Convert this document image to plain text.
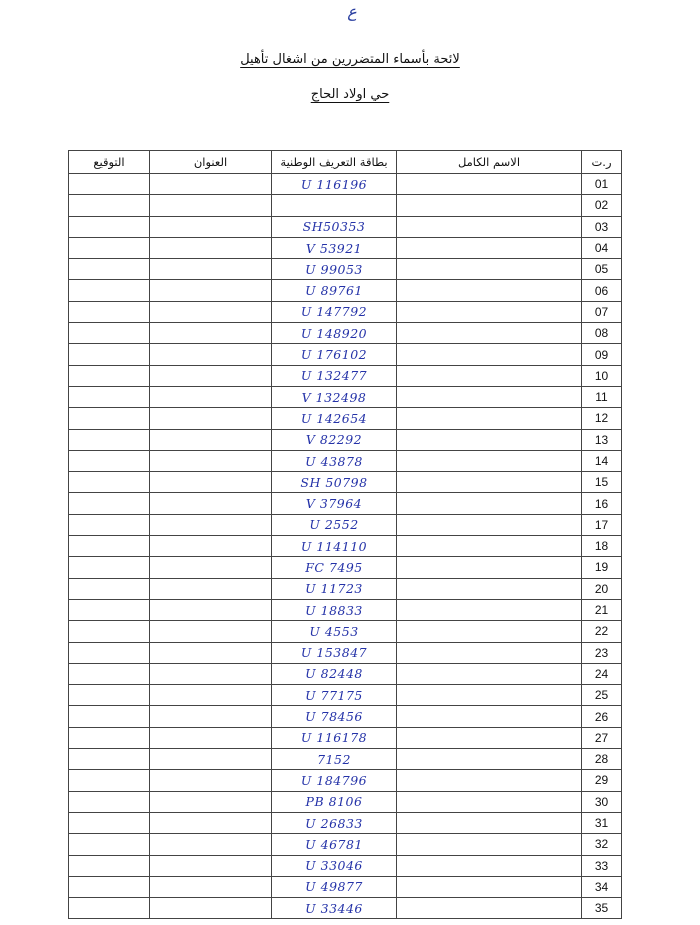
ع
لائحة بأسماء المتضررين من اشغال تأهيل
حي اولاد الحاج
ر.ت	الاسم الكامل	بطاقة التعريف الوطنية	العنوان	التوقيع
01		U 116196		
02				
03		SH50353		
04		V 53921		
05		U 99053		
06		U 89761		
07		U 147792		
08		U 148920		
09		U 176102		
10		U 132477		
11		V 132498		
12		U 142654		
13		V 82292		
14		U 43878		
15		SH 50798		
16		V 37964		
17		U 2552		
18		U 114110		
19		FC 7495		
20		U 11723		
21		U 18833		
22		U 4553		
23		U 153847		
24		U 82448		
25		U 77175		
26		U 78456		
27		U 116178		
28		7152		
29		U 184796		
30		PB 8106		
31		U 26833		
32		U 46781		
33		U 33046		
34		U 49877		
35		U 33446		
